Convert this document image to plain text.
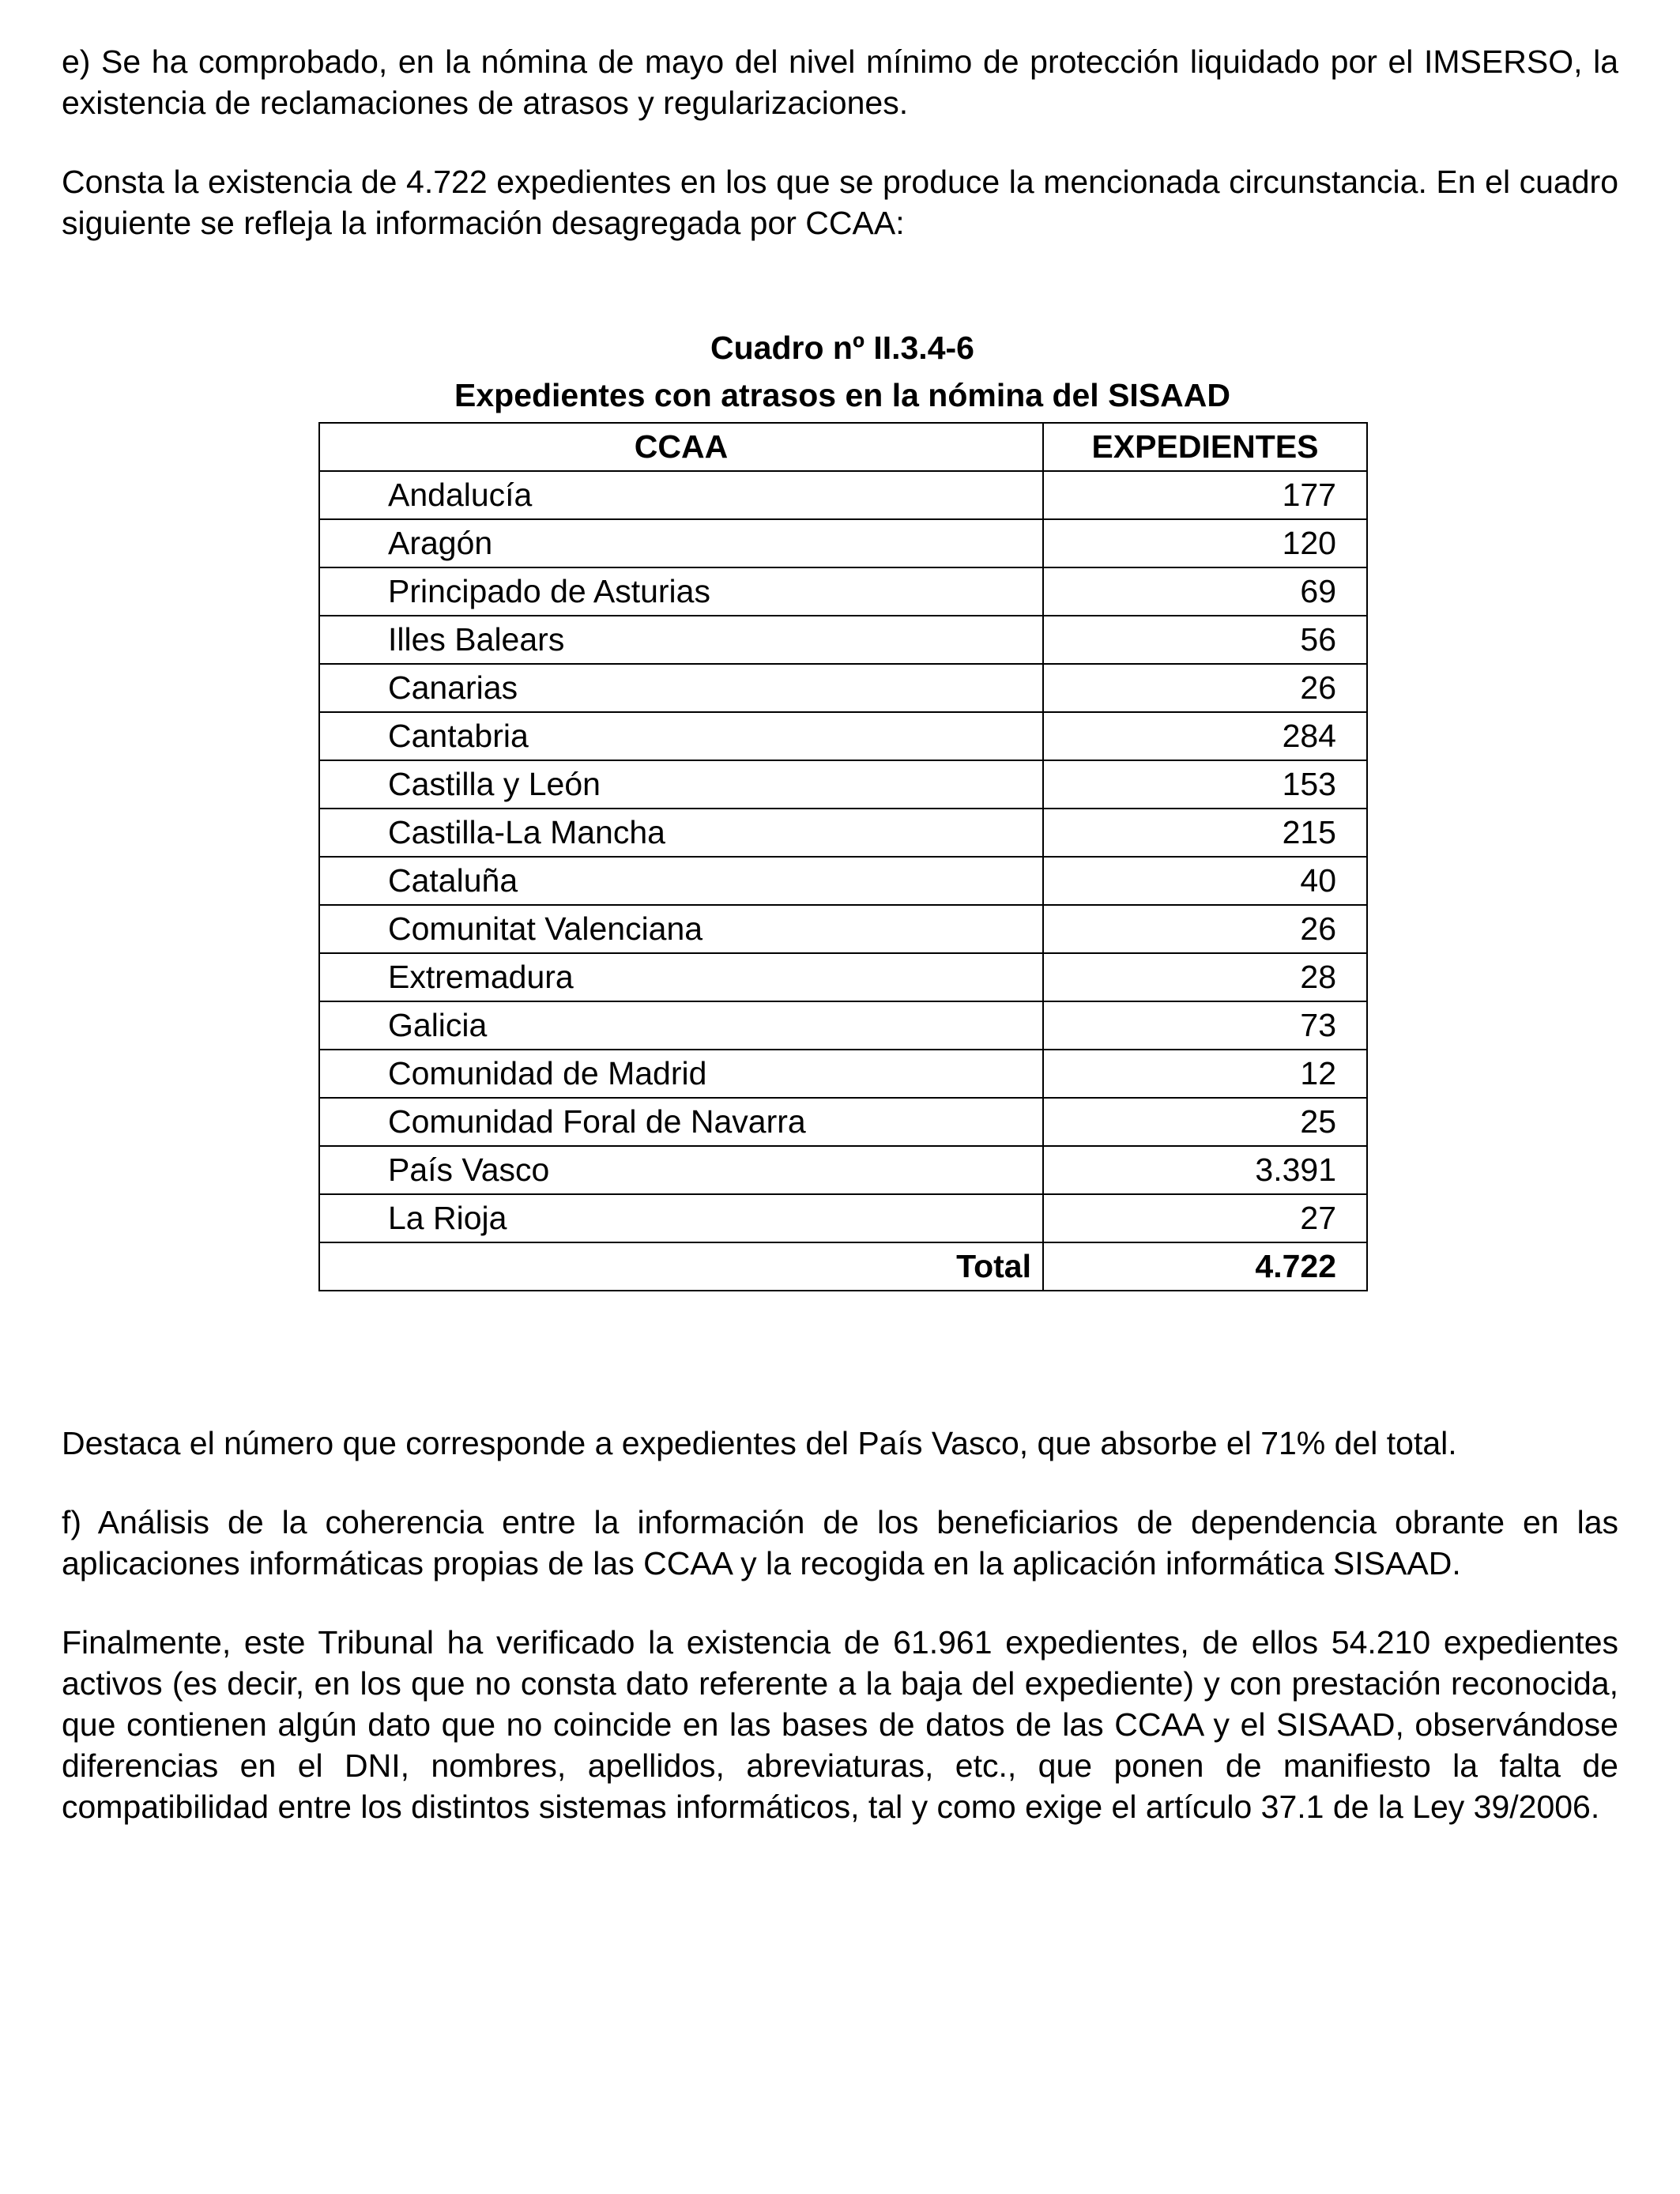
e) Se ha comprobado, en la nómina de mayo del nivel mínimo de protección liquidado por el IMSERSO, la existencia de reclamaciones de atrasos y regularizaciones.

Consta la existencia de 4.722 expedientes en los que se produce la mencionada circunstancia. En el cuadro siguiente se refleja la información desagregada por CCAA:

Cuadro nº II.3.4-6

Expedientes con atrasos en la nómina del SISAAD

CCAA	EXPEDIENTES
Andalucía	177
Aragón	120
Principado de Asturias	69
Illes Balears	56
Canarias	26
Cantabria	284
Castilla y León	153
Castilla-La Mancha	215
Cataluña	40
Comunitat Valenciana	26
Extremadura	28
Galicia	73
Comunidad de Madrid	12
Comunidad Foral de Navarra	25
País Vasco	3.391
La Rioja	27
Total	4.722

Destaca el número que corresponde a expedientes del País Vasco, que absorbe el 71% del total.

f) Análisis de la coherencia entre la información de los beneficiarios de dependencia obrante en las aplicaciones informáticas propias de las CCAA y la recogida en la aplicación informática SISAAD.

Finalmente, este Tribunal ha verificado la existencia de 61.961 expedientes, de ellos 54.210 expedientes activos (es decir, en los que no consta dato referente a la baja del expediente) y con prestación reconocida, que contienen algún dato que no coincide en las bases de datos de las CCAA y el SISAAD, observándose diferencias en el DNI, nombres, apellidos, abreviaturas, etc., que ponen de manifiesto la falta de compatibilidad entre los distintos sistemas informáticos, tal y como exige el artículo 37.1 de la Ley 39/2006.
